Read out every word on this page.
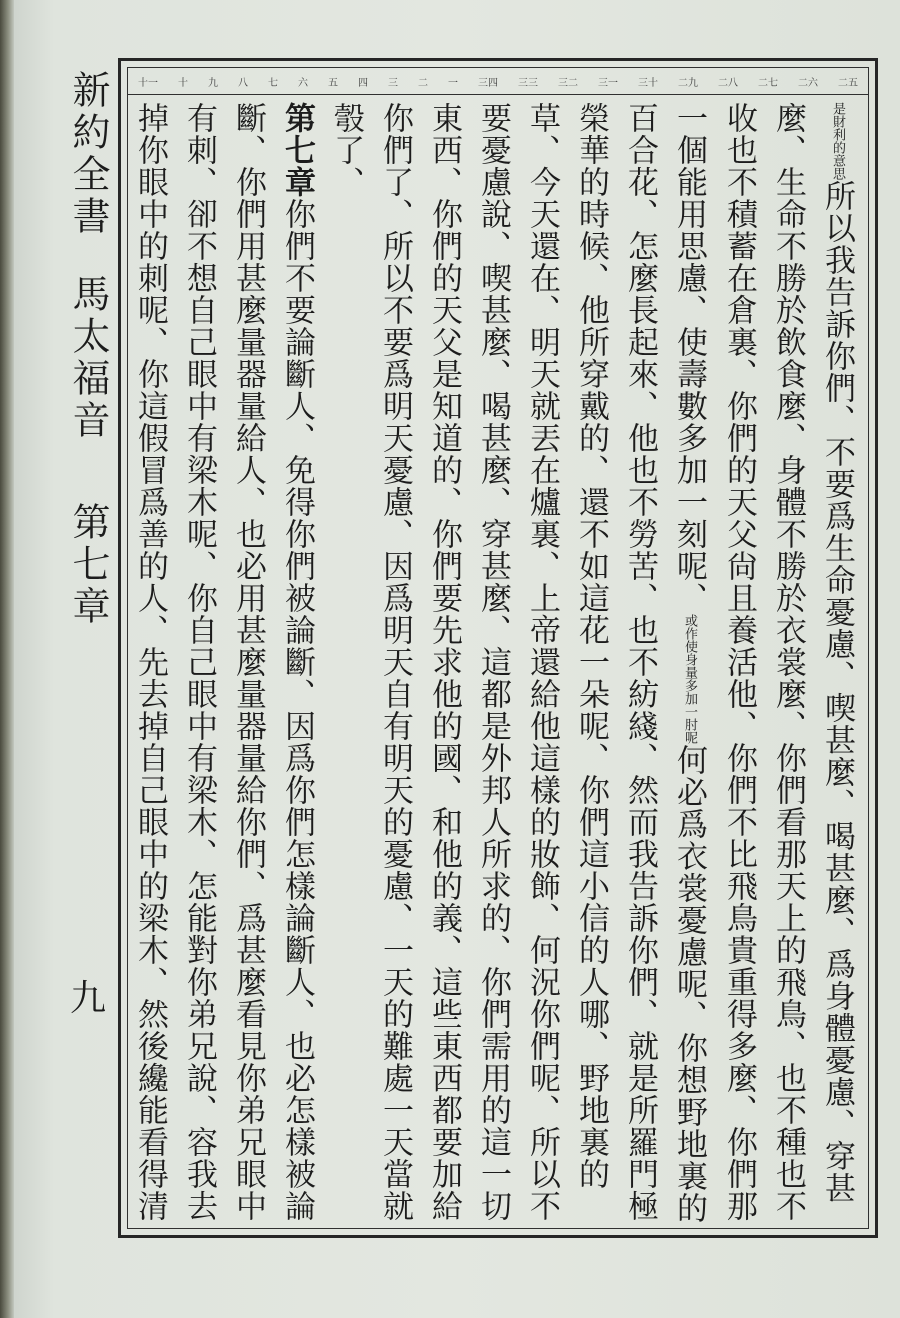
新約全書
馬太福音
第七章
九
二五
二六
二七
二八
二九
三十
三一
三二
三三
三四
一
二
三
四
五
六
七
八
九
十
十一
是財利的意思所以我告訴你們、不要爲生命憂慮、喫甚麼、喝甚麼、爲身體憂慮、穿甚麼、生命不勝於飲食麼、身體不勝於衣裳麼、你們看那天上的飛鳥、也不種也不收也不積蓄在倉裏、你們的天父尙且養活他、你們不比飛鳥貴重得多麼、你們那一個能用思慮、使壽數多加一刻呢、或作使身量多加一肘呢何必爲衣裳憂慮呢、你想野地裏的百合花、怎麼長起來、他也不勞苦、也不紡綫、然而我告訴你們、就是所羅門極榮華的時候、他所穿戴的、還不如這花一朵呢、你們這小信的人哪、野地裏的草、今天還在、明天就丟在爐裏、上帝還給他這樣的妝飾、何況你們呢、所以不要憂慮說、喫甚麼、喝甚麼、穿甚麼、這都是外邦人所求的、你們需用的這一切東西、你們的天父是知道的、你們要先求他的國、和他的義、這些東西都要加給你們了、所以不要爲明天憂慮、因爲明天自有明天的憂慮、一天的難處一天當就彀了、
第七章你們不要論斷人、免得你們被論斷、因爲你們怎樣論斷人、也必怎樣被論斷、你們用甚麼量器量給人、也必用甚麼量器量給你們、爲甚麼看見你弟兄眼中有刺、卻不想自己眼中有梁木呢、你自己眼中有梁木、怎能對你弟兄說、容我去掉你眼中的刺呢、你這假冒爲善的人、先去掉自己眼中的梁木、然後纔能看得清
